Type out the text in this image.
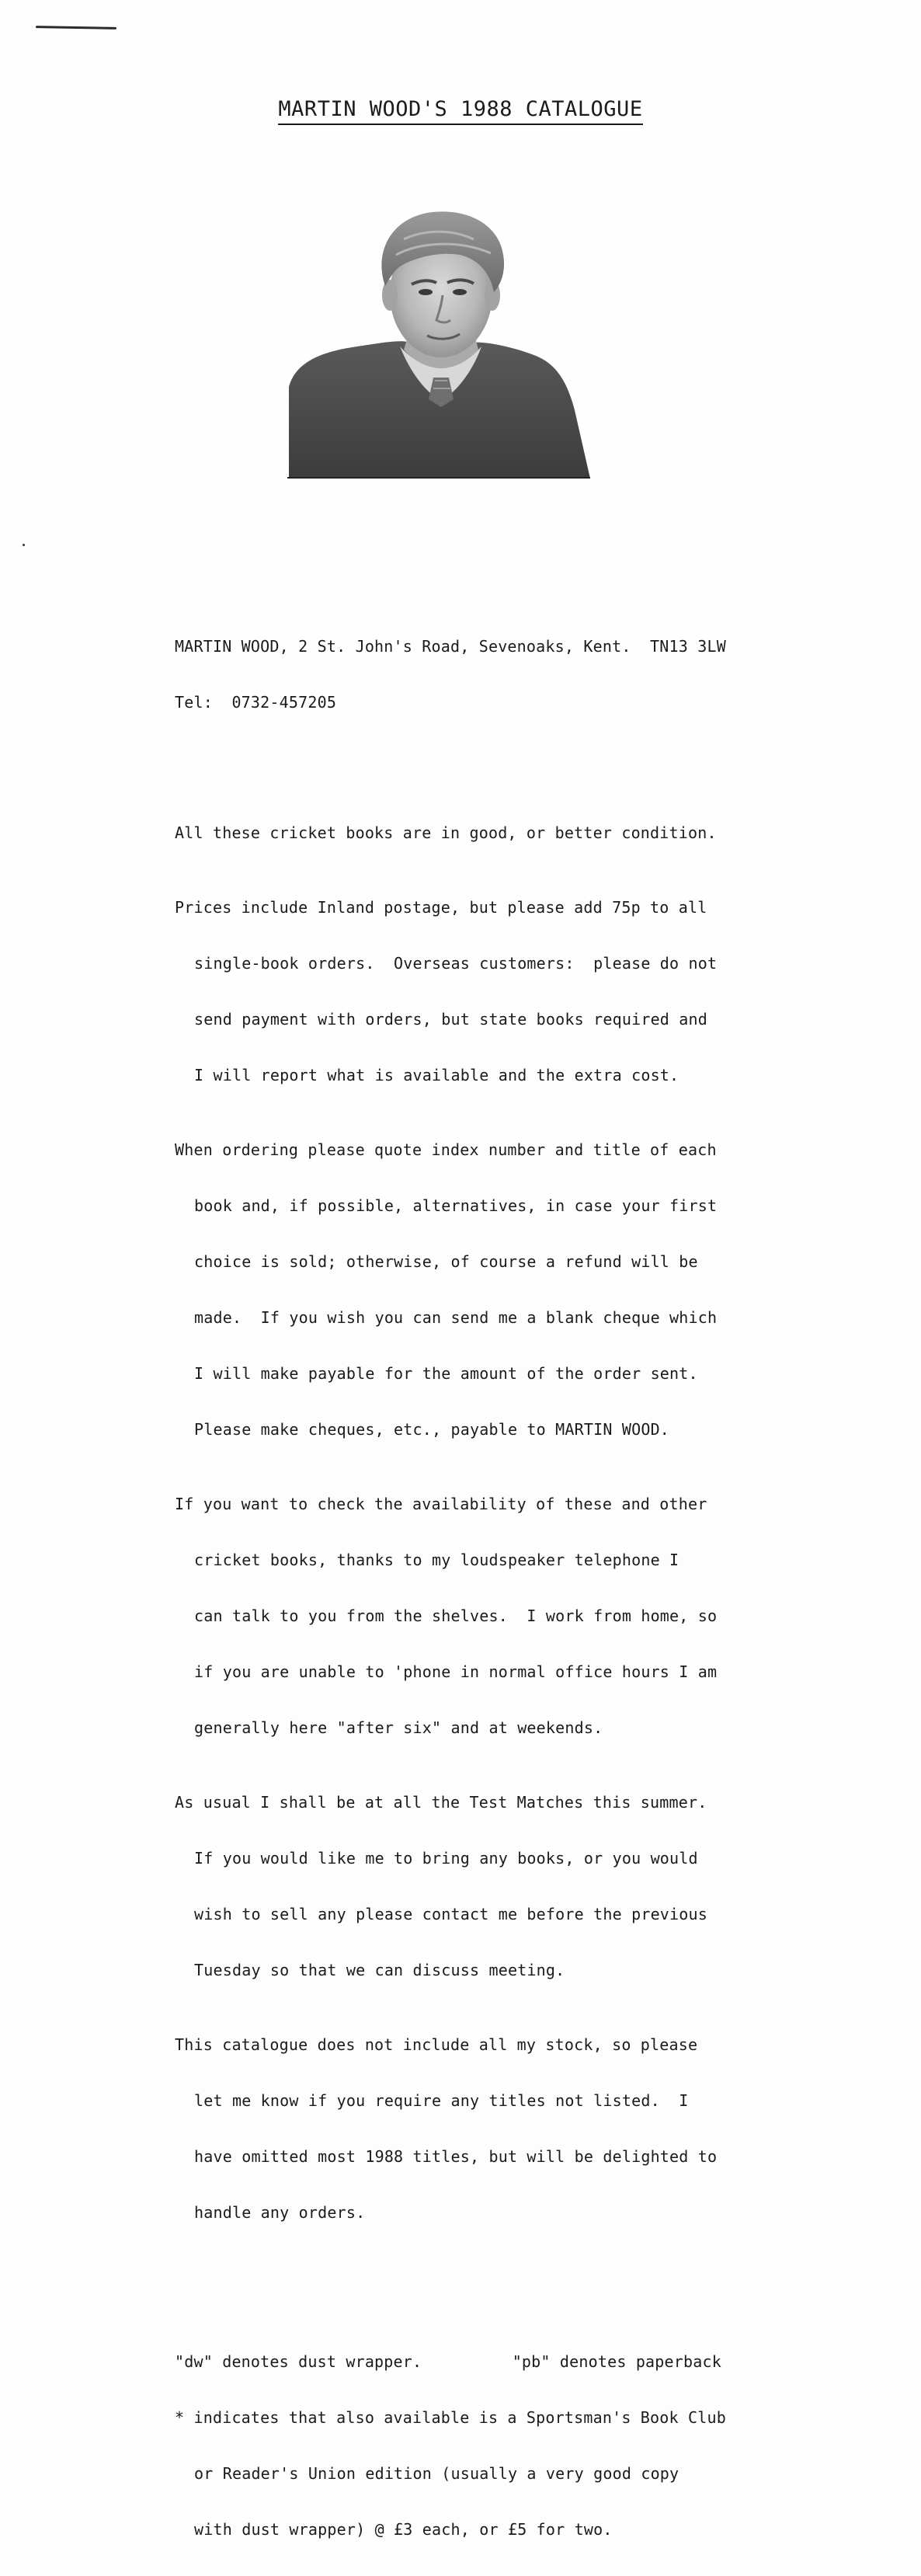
MARTIN WOOD'S 1988 CATALOGUE

MARTIN WOOD, 2 St. John's Road, Sevenoaks, Kent.  TN13 3LW

Tel:  0732-457205

All these cricket books are in good, or better condition.

Prices include Inland postage, but please add 75p to all

single-book orders.  Overseas customers:  please do not

send payment with orders, but state books required and

I will report what is available and the extra cost.

When ordering please quote index number and title of each

book and, if possible, alternatives, in case your first

choice is sold; otherwise, of course a refund will be

made.  If you wish you can send me a blank cheque which

I will make payable for the amount of the order sent.

Please make cheques, etc., payable to MARTIN WOOD.

If you want to check the availability of these and other

cricket books, thanks to my loudspeaker telephone I

can talk to you from the shelves.  I work from home, so

if you are unable to 'phone in normal office hours I am

generally here "after six" and at weekends.

As usual I shall be at all the Test Matches this summer.

If you would like me to bring any books, or you would

wish to sell any please contact me before the previous

Tuesday so that we can discuss meeting.

This catalogue does not include all my stock, so please

let me know if you require any titles not listed.  I

have omitted most 1988 titles, but will be delighted to

handle any orders.

"dw" denotes dust wrapper.	"pb" denotes paperback

* indicates that also available is a Sportsman's Book Club

or Reader's Union edition (usually a very good copy

with dust wrapper) @ £3 each, or £5 for two.
